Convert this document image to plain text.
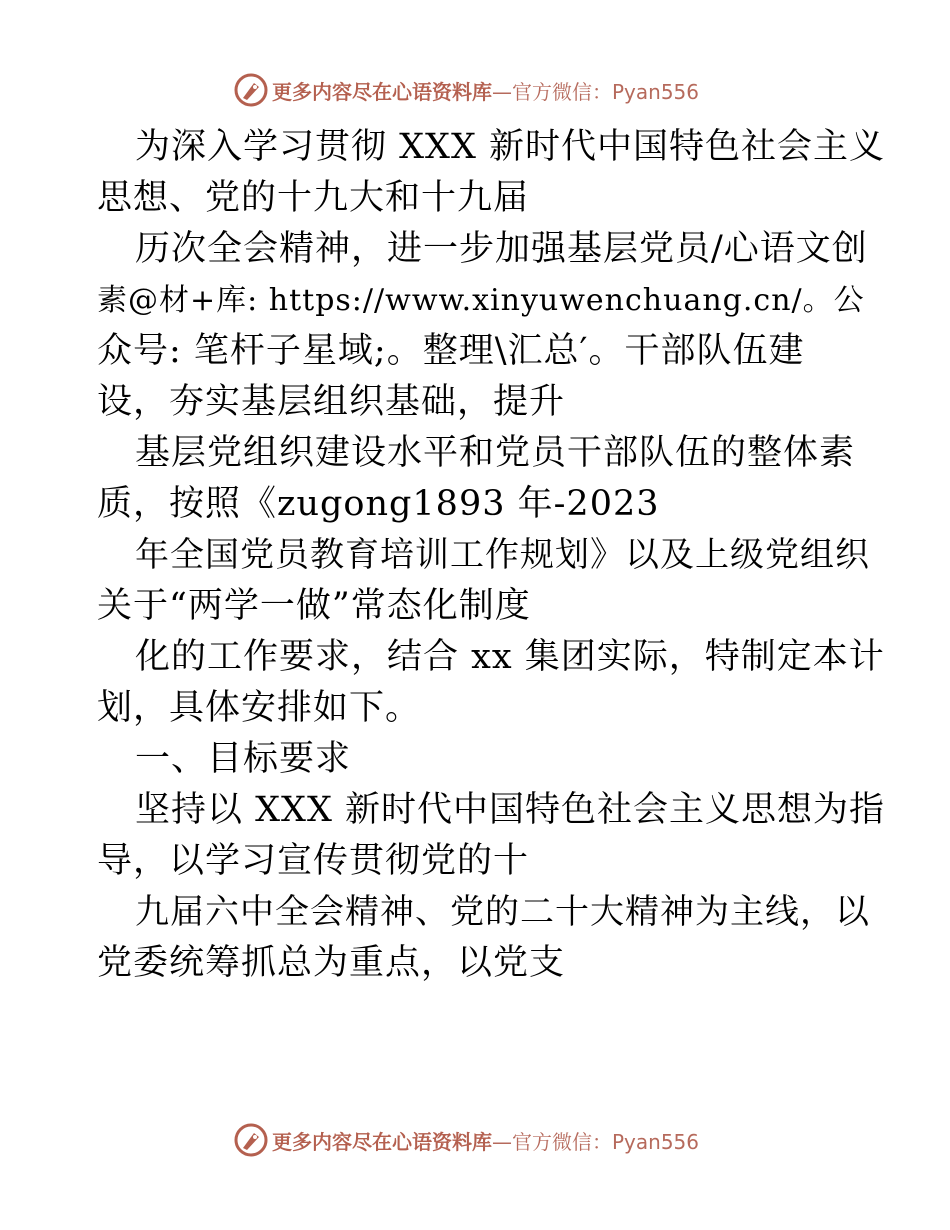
更多内容尽在心语资料库—官方微信：Pyan556
为深入学习贯彻 XXX 新时代中国特色社会主义
思想、党的十九大和十九届
历次全会精神，进一步加强基层党员/心语文创
素@材+库: https://www.xinyuwenchuang.cn/。公
众号: 笔杆子星域;。整理\汇总′。干部队伍建
设，夯实基层组织基础，提升
基层党组织建设水平和党员干部队伍的整体素
质，按照《zugong1893 年-2023
年全国党员教育培训工作规划》以及上级党组织
关于“两学一做”常态化制度
化的工作要求，结合 xx 集团实际，特制定本计
划，具体安排如下。
一、目标要求
坚持以 XXX 新时代中国特色社会主义思想为指
导，以学习宣传贯彻党的十
九届六中全会精神、党的二十大精神为主线，以
党委统筹抓总为重点，以党支
更多内容尽在心语资料库—官方微信：Pyan556
